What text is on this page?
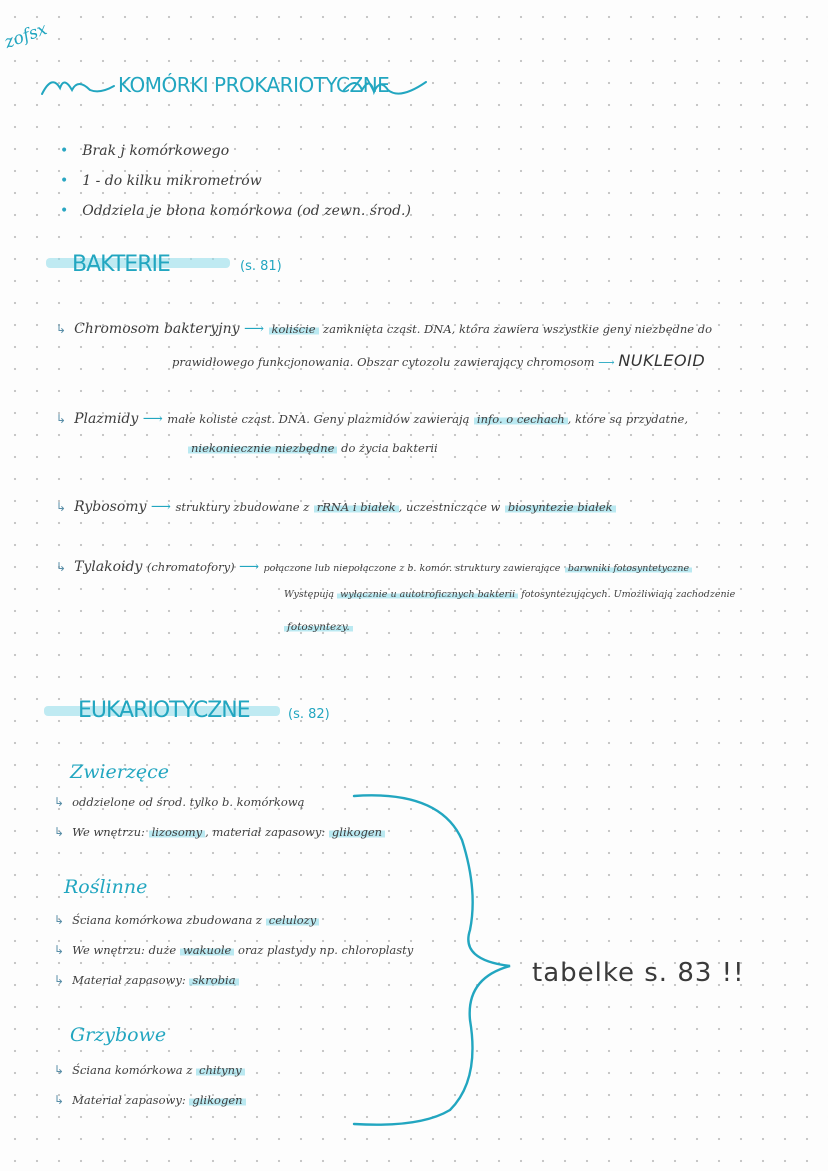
zofsx
KOMÓRKI PROKARIOTYCZNE
• Brak j komórkowego
• 1 - do kilku mikrometrów
• Oddziela je błona komórkowa (od zewn. środ.)
BAKTERIE	(s. 81)
↳ Chromosom bakteryjny ⟶ koliście zamknięta cząst. DNA, która zawiera wszystkie geny niezbędne do
prawidłowego funkcjonowania. Obszar cytozolu zawierający chromosom ⟶ NUKLEOID
↳ Plazmidy ⟶ małe koliste cząst. DNA. Geny plazmidów zawierają info. o cechach , które są przydatne,
niekoniecznie niezbędne do życia bakterii
↳ Rybosomy ⟶ struktury zbudowane z rRNA i białek , uczestniczące w biosyntezie białek
↳ Tylakoidy (chromatofory) ⟶ połączone lub niepołączone z b. komór. struktury zawierające barwniki fotosyntetyczne
Występują wyłącznie u autotroficznych bakterii fotosyntezujących. Umożliwiają zachodzenie
fotosyntezy.
EUKARIOTYCZNE	(s. 82)
Zwierzęce
↳ oddzielone od środ. tylko b. komórkową
↳ We wnętrzu: lizosomy , materiał zapasowy: glikogen
Roślinne
↳ Ściana komórkowa zbudowana z celulozy
↳ We wnętrzu: duże wakuole oraz plastydy np. chloroplasty
↳ Materiał zapasowy: skrobia
Grzybowe
↳ Ściana komórkowa z chityny
↳ Materiał zapasowy: glikogen
tabelke s. 83 !!
